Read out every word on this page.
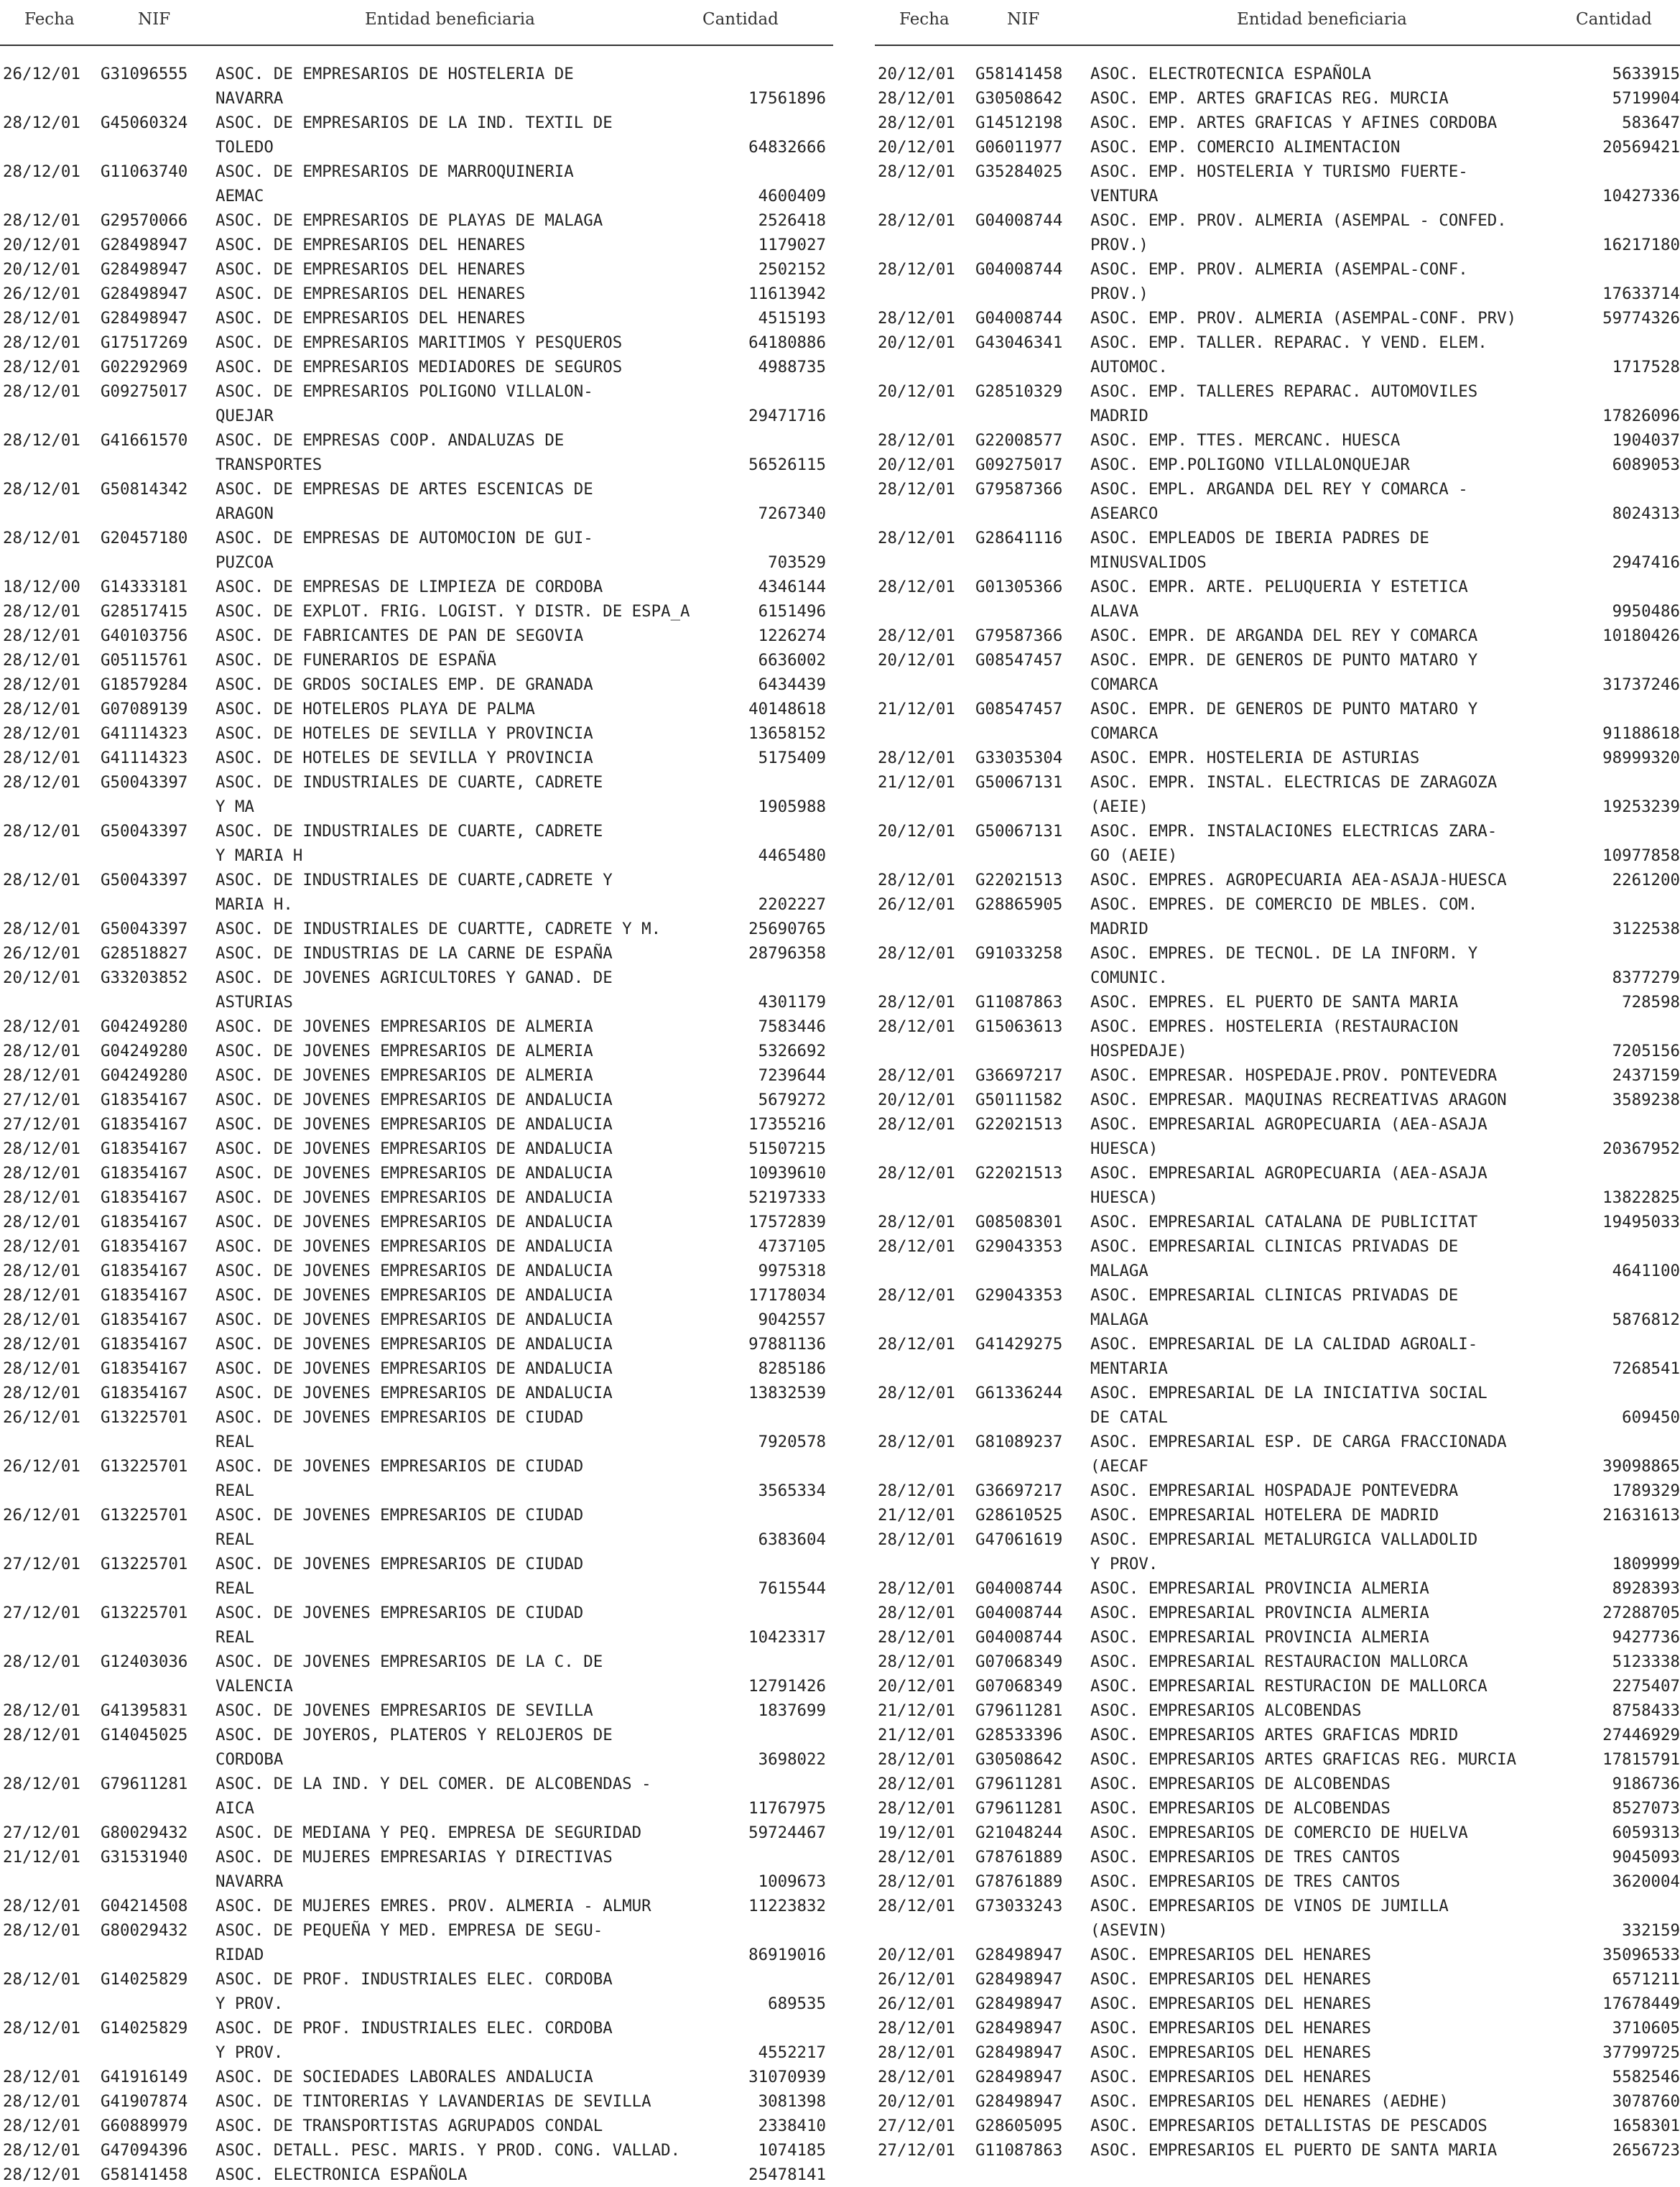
Fecha	NIF	Entidad beneficiaria	Cantidad
26/12/01 G31096555 ASOC. DE EMPRESARIOS DE HOSTELERIA DE
NAVARRA	17561896
28/12/01 G45060324 ASOC. DE EMPRESARIOS DE LA IND. TEXTIL DE
TOLEDO	64832666
28/12/01 G11063740 ASOC. DE EMPRESARIOS DE MARROQUINERIA
AEMAC	4600409
28/12/01 G29570066 ASOC. DE EMPRESARIOS DE PLAYAS DE MALAGA	2526418
20/12/01 G28498947 ASOC. DE EMPRESARIOS DEL HENARES	1179027
20/12/01 G28498947 ASOC. DE EMPRESARIOS DEL HENARES	2502152
26/12/01 G28498947 ASOC. DE EMPRESARIOS DEL HENARES	11613942
28/12/01 G28498947 ASOC. DE EMPRESARIOS DEL HENARES	4515193
28/12/01 G17517269 ASOC. DE EMPRESARIOS MARITIMOS Y PESQUEROS	64180886
28/12/01 G02292969 ASOC. DE EMPRESARIOS MEDIADORES DE SEGUROS	4988735
28/12/01 G09275017 ASOC. DE EMPRESARIOS POLIGONO VILLALON-
QUEJAR	29471716
28/12/01 G41661570 ASOC. DE EMPRESAS COOP. ANDALUZAS DE
TRANSPORTES	56526115
28/12/01 G50814342 ASOC. DE EMPRESAS DE ARTES ESCENICAS DE
ARAGON	7267340
28/12/01 G20457180 ASOC. DE EMPRESAS DE AUTOMOCION DE GUI-
PUZCOA	703529
18/12/00 G14333181 ASOC. DE EMPRESAS DE LIMPIEZA DE CORDOBA	4346144
28/12/01 G28517415 ASOC. DE EXPLOT. FRIG. LOGIST. Y DISTR. DE ESPA_A	6151496
28/12/01 G40103756 ASOC. DE FABRICANTES DE PAN DE SEGOVIA	1226274
28/12/01 G05115761 ASOC. DE FUNERARIOS DE ESPAÑA	6636002
28/12/01 G18579284 ASOC. DE GRDOS SOCIALES EMP. DE GRANADA	6434439
28/12/01 G07089139 ASOC. DE HOTELEROS PLAYA DE PALMA	40148618
28/12/01 G41114323 ASOC. DE HOTELES DE SEVILLA Y PROVINCIA	13658152
28/12/01 G41114323 ASOC. DE HOTELES DE SEVILLA Y PROVINCIA	5175409
28/12/01 G50043397 ASOC. DE INDUSTRIALES DE CUARTE, CADRETE
Y MA	1905988
28/12/01 G50043397 ASOC. DE INDUSTRIALES DE CUARTE, CADRETE
Y MARIA H	4465480
28/12/01 G50043397 ASOC. DE INDUSTRIALES DE CUARTE,CADRETE Y
MARIA H.	2202227
28/12/01 G50043397 ASOC. DE INDUSTRIALES DE CUARTTE, CADRETE Y M.	25690765
26/12/01 G28518827 ASOC. DE INDUSTRIAS DE LA CARNE DE ESPAÑA	28796358
20/12/01 G33203852 ASOC. DE JOVENES AGRICULTORES Y GANAD. DE
ASTURIAS	4301179
28/12/01 G04249280 ASOC. DE JOVENES EMPRESARIOS DE ALMERIA	7583446
28/12/01 G04249280 ASOC. DE JOVENES EMPRESARIOS DE ALMERIA	5326692
28/12/01 G04249280 ASOC. DE JOVENES EMPRESARIOS DE ALMERIA	7239644
27/12/01 G18354167 ASOC. DE JOVENES EMPRESARIOS DE ANDALUCIA	5679272
27/12/01 G18354167 ASOC. DE JOVENES EMPRESARIOS DE ANDALUCIA	17355216
28/12/01 G18354167 ASOC. DE JOVENES EMPRESARIOS DE ANDALUCIA	51507215
28/12/01 G18354167 ASOC. DE JOVENES EMPRESARIOS DE ANDALUCIA	10939610
28/12/01 G18354167 ASOC. DE JOVENES EMPRESARIOS DE ANDALUCIA	52197333
28/12/01 G18354167 ASOC. DE JOVENES EMPRESARIOS DE ANDALUCIA	17572839
28/12/01 G18354167 ASOC. DE JOVENES EMPRESARIOS DE ANDALUCIA	4737105
28/12/01 G18354167 ASOC. DE JOVENES EMPRESARIOS DE ANDALUCIA	9975318
28/12/01 G18354167 ASOC. DE JOVENES EMPRESARIOS DE ANDALUCIA	17178034
28/12/01 G18354167 ASOC. DE JOVENES EMPRESARIOS DE ANDALUCIA	9042557
28/12/01 G18354167 ASOC. DE JOVENES EMPRESARIOS DE ANDALUCIA	97881136
28/12/01 G18354167 ASOC. DE JOVENES EMPRESARIOS DE ANDALUCIA	8285186
28/12/01 G18354167 ASOC. DE JOVENES EMPRESARIOS DE ANDALUCIA	13832539
26/12/01 G13225701 ASOC. DE JOVENES EMPRESARIOS DE CIUDAD
REAL	7920578
26/12/01 G13225701 ASOC. DE JOVENES EMPRESARIOS DE CIUDAD
REAL	3565334
26/12/01 G13225701 ASOC. DE JOVENES EMPRESARIOS DE CIUDAD
REAL	6383604
27/12/01 G13225701 ASOC. DE JOVENES EMPRESARIOS DE CIUDAD
REAL	7615544
27/12/01 G13225701 ASOC. DE JOVENES EMPRESARIOS DE CIUDAD
REAL	10423317
28/12/01 G12403036 ASOC. DE JOVENES EMPRESARIOS DE LA C. DE
VALENCIA	12791426
28/12/01 G41395831 ASOC. DE JOVENES EMPRESARIOS DE SEVILLA	1837699
28/12/01 G14045025 ASOC. DE JOYEROS, PLATEROS Y RELOJEROS DE
CORDOBA	3698022
28/12/01 G79611281 ASOC. DE LA IND. Y DEL COMER. DE ALCOBENDAS -
AICA	11767975
27/12/01 G80029432 ASOC. DE MEDIANA Y PEQ. EMPRESA DE SEGURIDAD	59724467
21/12/01 G31531940 ASOC. DE MUJERES EMPRESARIAS Y DIRECTIVAS
NAVARRA	1009673
28/12/01 G04214508 ASOC. DE MUJERES EMRES. PROV. ALMERIA - ALMUR	11223832
28/12/01 G80029432 ASOC. DE PEQUEÑA Y MED. EMPRESA DE SEGU-
RIDAD	86919016
28/12/01 G14025829 ASOC. DE PROF. INDUSTRIALES ELEC. CORDOBA
Y PROV.	689535
28/12/01 G14025829 ASOC. DE PROF. INDUSTRIALES ELEC. CORDOBA
Y PROV.	4552217
28/12/01 G41916149 ASOC. DE SOCIEDADES LABORALES ANDALUCIA	31070939
28/12/01 G41907874 ASOC. DE TINTORERIAS Y LAVANDERIAS DE SEVILLA	3081398
28/12/01 G60889979 ASOC. DE TRANSPORTISTAS AGRUPADOS CONDAL	2338410
28/12/01 G47094396 ASOC. DETALL. PESC. MARIS. Y PROD. CONG. VALLAD.	1074185
28/12/01 G58141458 ASOC. ELECTRONICA ESPAÑOLA	25478141
Fecha	NIF	Entidad beneficiaria	Cantidad
20/12/01 G58141458 ASOC. ELECTROTECNICA ESPAÑOLA	5633915
28/12/01 G30508642 ASOC. EMP. ARTES GRAFICAS REG. MURCIA	5719904
28/12/01 G14512198 ASOC. EMP. ARTES GRAFICAS Y AFINES CORDOBA	583647
20/12/01 G06011977 ASOC. EMP. COMERCIO ALIMENTACION	20569421
28/12/01 G35284025 ASOC. EMP. HOSTELERIA Y TURISMO FUERTE-
VENTURA	10427336
28/12/01 G04008744 ASOC. EMP. PROV. ALMERIA (ASEMPAL - CONFED.
PROV.)	16217180
28/12/01 G04008744 ASOC. EMP. PROV. ALMERIA (ASEMPAL-CONF.
PROV.)	17633714
28/12/01 G04008744 ASOC. EMP. PROV. ALMERIA (ASEMPAL-CONF. PRV)	59774326
20/12/01 G43046341 ASOC. EMP. TALLER. REPARAC. Y VEND. ELEM.
AUTOMOC.	1717528
20/12/01 G28510329 ASOC. EMP. TALLERES REPARAC. AUTOMOVILES
MADRID	17826096
28/12/01 G22008577 ASOC. EMP. TTES. MERCANC. HUESCA	1904037
20/12/01 G09275017 ASOC. EMP.POLIGONO VILLALONQUEJAR	6089053
28/12/01 G79587366 ASOC. EMPL. ARGANDA DEL REY Y COMARCA -
ASEARCO	8024313
28/12/01 G28641116 ASOC. EMPLEADOS DE IBERIA PADRES DE
MINUSVALIDOS	2947416
28/12/01 G01305366 ASOC. EMPR. ARTE. PELUQUERIA Y ESTETICA
ALAVA	9950486
28/12/01 G79587366 ASOC. EMPR. DE ARGANDA DEL REY Y COMARCA	10180426
20/12/01 G08547457 ASOC. EMPR. DE GENEROS DE PUNTO MATARO Y
COMARCA	31737246
21/12/01 G08547457 ASOC. EMPR. DE GENEROS DE PUNTO MATARO Y
COMARCA	91188618
28/12/01 G33035304 ASOC. EMPR. HOSTELERIA DE ASTURIAS	98999320
21/12/01 G50067131 ASOC. EMPR. INSTAL. ELECTRICAS DE ZARAGOZA
(AEIE)	19253239
20/12/01 G50067131 ASOC. EMPR. INSTALACIONES ELECTRICAS ZARA-
GO (AEIE)	10977858
28/12/01 G22021513 ASOC. EMPRES. AGROPECUARIA AEA-ASAJA-HUESCA	2261200
26/12/01 G28865905 ASOC. EMPRES. DE COMERCIO DE MBLES. COM.
MADRID	3122538
28/12/01 G91033258 ASOC. EMPRES. DE TECNOL. DE LA INFORM. Y
COMUNIC.	8377279
28/12/01 G11087863 ASOC. EMPRES. EL PUERTO DE SANTA MARIA	728598
28/12/01 G15063613 ASOC. EMPRES. HOSTELERIA (RESTAURACION
HOSPEDAJE)	7205156
28/12/01 G36697217 ASOC. EMPRESAR. HOSPEDAJE.PROV. PONTEVEDRA	2437159
20/12/01 G50111582 ASOC. EMPRESAR. MAQUINAS RECREATIVAS ARAGON	3589238
28/12/01 G22021513 ASOC. EMPRESARIAL AGROPECUARIA (AEA-ASAJA
HUESCA)	20367952
28/12/01 G22021513 ASOC. EMPRESARIAL AGROPECUARIA (AEA-ASAJA
HUESCA)	13822825
28/12/01 G08508301 ASOC. EMPRESARIAL CATALANA DE PUBLICITAT	19495033
28/12/01 G29043353 ASOC. EMPRESARIAL CLINICAS PRIVADAS DE
MALAGA	4641100
28/12/01 G29043353 ASOC. EMPRESARIAL CLINICAS PRIVADAS DE
MALAGA	5876812
28/12/01 G41429275 ASOC. EMPRESARIAL DE LA CALIDAD AGROALI-
MENTARIA	7268541
28/12/01 G61336244 ASOC. EMPRESARIAL DE LA INICIATIVA SOCIAL
DE CATAL	609450
28/12/01 G81089237 ASOC. EMPRESARIAL ESP. DE CARGA FRACCIONADA
(AECAF	39098865
28/12/01 G36697217 ASOC. EMPRESARIAL HOSPADAJE PONTEVEDRA	1789329
21/12/01 G28610525 ASOC. EMPRESARIAL HOTELERA DE MADRID	21631613
28/12/01 G47061619 ASOC. EMPRESARIAL METALURGICA VALLADOLID
Y PROV.	1809999
28/12/01 G04008744 ASOC. EMPRESARIAL PROVINCIA ALMERIA	8928393
28/12/01 G04008744 ASOC. EMPRESARIAL PROVINCIA ALMERIA	27288705
28/12/01 G04008744 ASOC. EMPRESARIAL PROVINCIA ALMERIA	9427736
28/12/01 G07068349 ASOC. EMPRESARIAL RESTAURACION MALLORCA	5123338
20/12/01 G07068349 ASOC. EMPRESARIAL RESTURACION DE MALLORCA	2275407
21/12/01 G79611281 ASOC. EMPRESARIOS ALCOBENDAS	8758433
21/12/01 G28533396 ASOC. EMPRESARIOS ARTES GRAFICAS MDRID	27446929
28/12/01 G30508642 ASOC. EMPRESARIOS ARTES GRAFICAS REG. MURCIA	17815791
28/12/01 G79611281 ASOC. EMPRESARIOS DE ALCOBENDAS	9186736
28/12/01 G79611281 ASOC. EMPRESARIOS DE ALCOBENDAS	8527073
19/12/01 G21048244 ASOC. EMPRESARIOS DE COMERCIO DE HUELVA	6059313
28/12/01 G78761889 ASOC. EMPRESARIOS DE TRES CANTOS	9045093
28/12/01 G78761889 ASOC. EMPRESARIOS DE TRES CANTOS	3620004
28/12/01 G73033243 ASOC. EMPRESARIOS DE VINOS DE JUMILLA
(ASEVIN)	332159
20/12/01 G28498947 ASOC. EMPRESARIOS DEL HENARES	35096533
26/12/01 G28498947 ASOC. EMPRESARIOS DEL HENARES	6571211
26/12/01 G28498947 ASOC. EMPRESARIOS DEL HENARES	17678449
28/12/01 G28498947 ASOC. EMPRESARIOS DEL HENARES	3710605
28/12/01 G28498947 ASOC. EMPRESARIOS DEL HENARES	37799725
28/12/01 G28498947 ASOC. EMPRESARIOS DEL HENARES	5582546
20/12/01 G28498947 ASOC. EMPRESARIOS DEL HENARES (AEDHE)	3078760
27/12/01 G28605095 ASOC. EMPRESARIOS DETALLISTAS DE PESCADOS	1658301
27/12/01 G11087863 ASOC. EMPRESARIOS EL PUERTO DE SANTA MARIA	2656723
